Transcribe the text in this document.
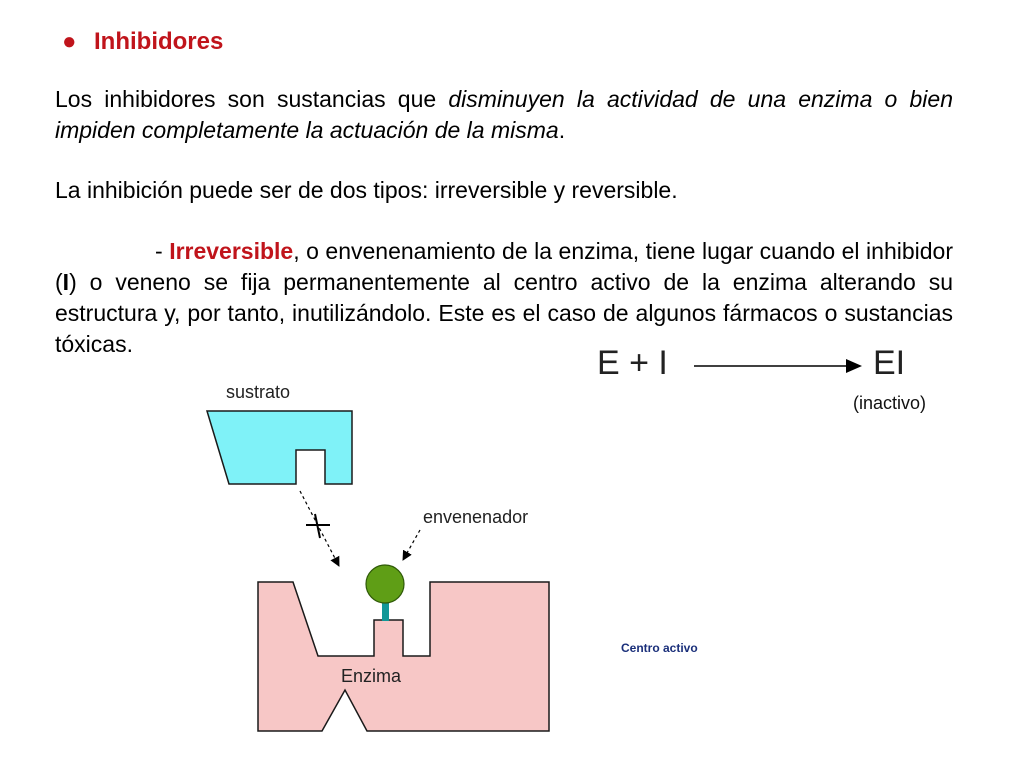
● Inhibidores

Los inhibidores son sustancias que disminuyen la actividad de una enzima o bien impiden completamente la actuación de la misma.

La inhibición puede ser de dos tipos: irreversible y reversible.

- Irreversible, o envenenamiento de la enzima, tiene lugar cuando el inhibidor (I) o veneno se fija permanentemente al centro activo de la enzima alterando su estructura y, por tanto, inutilizándolo. Este es el caso de algunos fármacos o sustancias tóxicas.

sustrato
envenenador
Enzima
E + I	EI
(inactivo)
Centro activo
